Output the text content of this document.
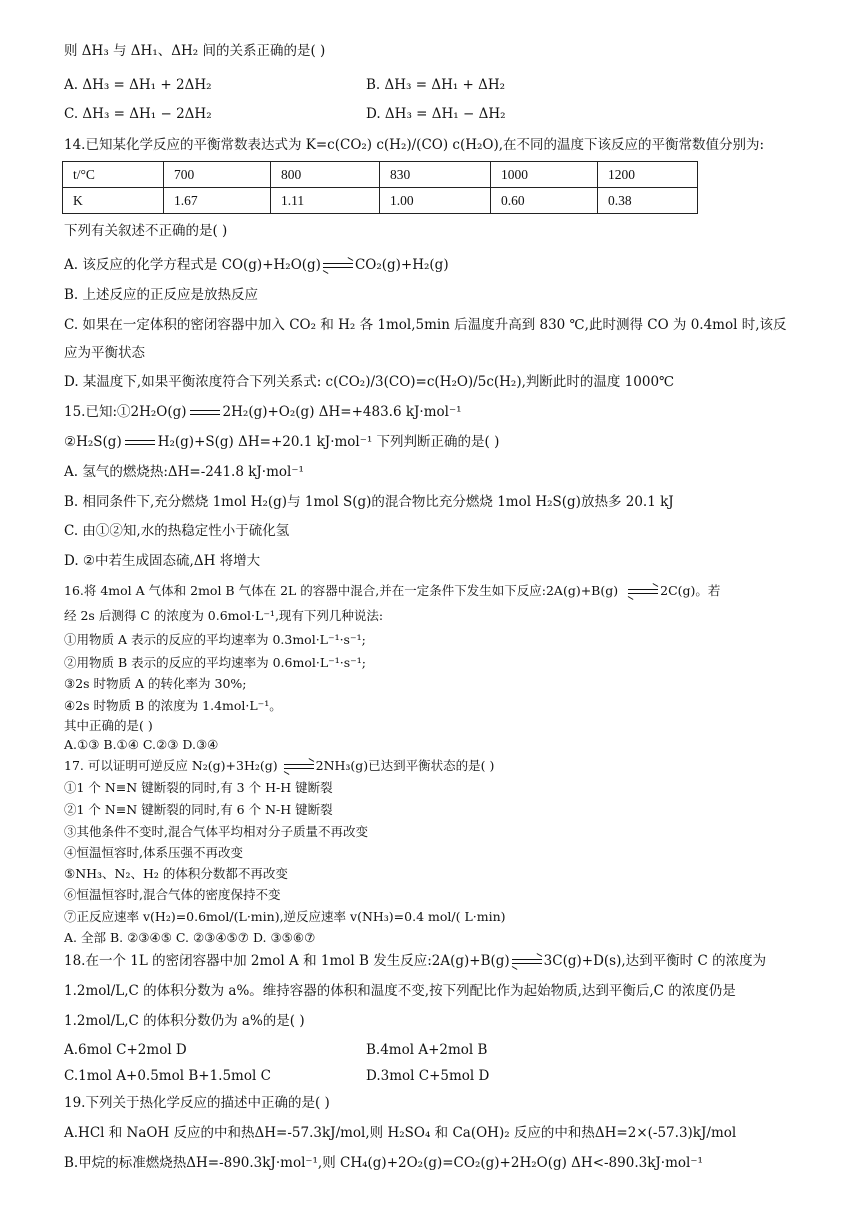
则 ΔH₃ 与 ΔH₁、ΔH₂ 间的关系正确的是( )
A. ΔH₃ = ΔH₁ + 2ΔH₂	B. ΔH₃ = ΔH₁ + ΔH₂
C. ΔH₃ = ΔH₁ − 2ΔH₂	D. ΔH₃ = ΔH₁ − ΔH₂
14.已知某化学反应的平衡常数表达式为 K=c(CO₂) c(H₂)/(CO) c(H₂O),在不同的温度下该反应的平衡常数值分别为:
t/°C	700	800	830	1000	1200
K	1.67	1.11	1.00	0.60	0.38
下列有关叙述不正确的是( )
A. 该反应的化学方程式是 CO(g)+H₂O(g)	CO₂(g)+H₂(g)
B. 上述反应的正反应是放热反应
C. 如果在一定体积的密闭容器中加入 CO₂ 和 H₂ 各 1mol,5min 后温度升高到 830 ℃,此时测得 CO 为 0.4mol 时,该反
应为平衡状态
D. 某温度下,如果平衡浓度符合下列关系式: c(CO₂)/3(CO)=c(H₂O)/5c(H₂),判断此时的温度 1000℃
15.已知:①2H₂O(g)	2H₂(g)+O₂(g) ΔH=+483.6 kJ·mol⁻¹
②H₂S(g)	H₂(g)+S(g) ΔH=+20.1 kJ·mol⁻¹ 下列判断正确的是( )
A. 氢气的燃烧热:ΔH=-241.8 kJ·mol⁻¹
B. 相同条件下,充分燃烧 1mol H₂(g)与 1mol S(g)的混合物比充分燃烧 1mol H₂S(g)放热多 20.1 kJ
C. 由①②知,水的热稳定性小于硫化氢
D. ②中若生成固态硫,ΔH 将增大
16.将 4mol A 气体和 2mol B 气体在 2L 的容器中混合,并在一定条件下发生如下反应:2A(g)+B(g)	2C(g)。若
经 2s 后测得 C 的浓度为 0.6mol·L⁻¹,现有下列几种说法:
①用物质 A 表示的反应的平均速率为 0.3mol·L⁻¹·s⁻¹;
②用物质 B 表示的反应的平均速率为 0.6mol·L⁻¹·s⁻¹;
③2s 时物质 A 的转化率为 30%;
④2s 时物质 B 的浓度为 1.4mol·L⁻¹。
其中正确的是( )
A.①③ B.①④ C.②③ D.③④
17. 可以证明可逆反应 N₂(g)+3H₂(g)	2NH₃(g)已达到平衡状态的是( )
①1 个 N≡N 键断裂的同时,有 3 个 H-H 键断裂
②1 个 N≡N 键断裂的同时,有 6 个 N-H 键断裂
③其他条件不变时,混合气体平均相对分子质量不再改变
④恒温恒容时,体系压强不再改变
⑤NH₃、N₂、H₂ 的体积分数都不再改变
⑥恒温恒容时,混合气体的密度保持不变
⑦正反应速率 v(H₂)=0.6mol/(L·min),逆反应速率 v(NH₃)=0.4 mol/( L·min)
A. 全部 B. ②③④⑤ C. ②③④⑤⑦ D. ③⑤⑥⑦
18.在一个 1L 的密闭容器中加 2mol A 和 1mol B 发生反应:2A(g)+B(g)	3C(g)+D(s),达到平衡时 C 的浓度为
1.2mol/L,C 的体积分数为 a%。维持容器的体积和温度不变,按下列配比作为起始物质,达到平衡后,C 的浓度仍是
1.2mol/L,C 的体积分数仍为 a%的是( )
A.6mol C+2mol D	B.4mol A+2mol B
C.1mol A+0.5mol B+1.5mol C	D.3mol C+5mol D
19.下列关于热化学反应的描述中正确的是( )
A.HCl 和 NaOH 反应的中和热ΔH=-57.3kJ/mol,则 H₂SO₄ 和 Ca(OH)₂ 反应的中和热ΔH=2×(-57.3)kJ/mol
B.甲烷的标准燃烧热ΔH=-890.3kJ·mol⁻¹,则 CH₄(g)+2O₂(g)=CO₂(g)+2H₂O(g) ΔH<-890.3kJ·mol⁻¹
